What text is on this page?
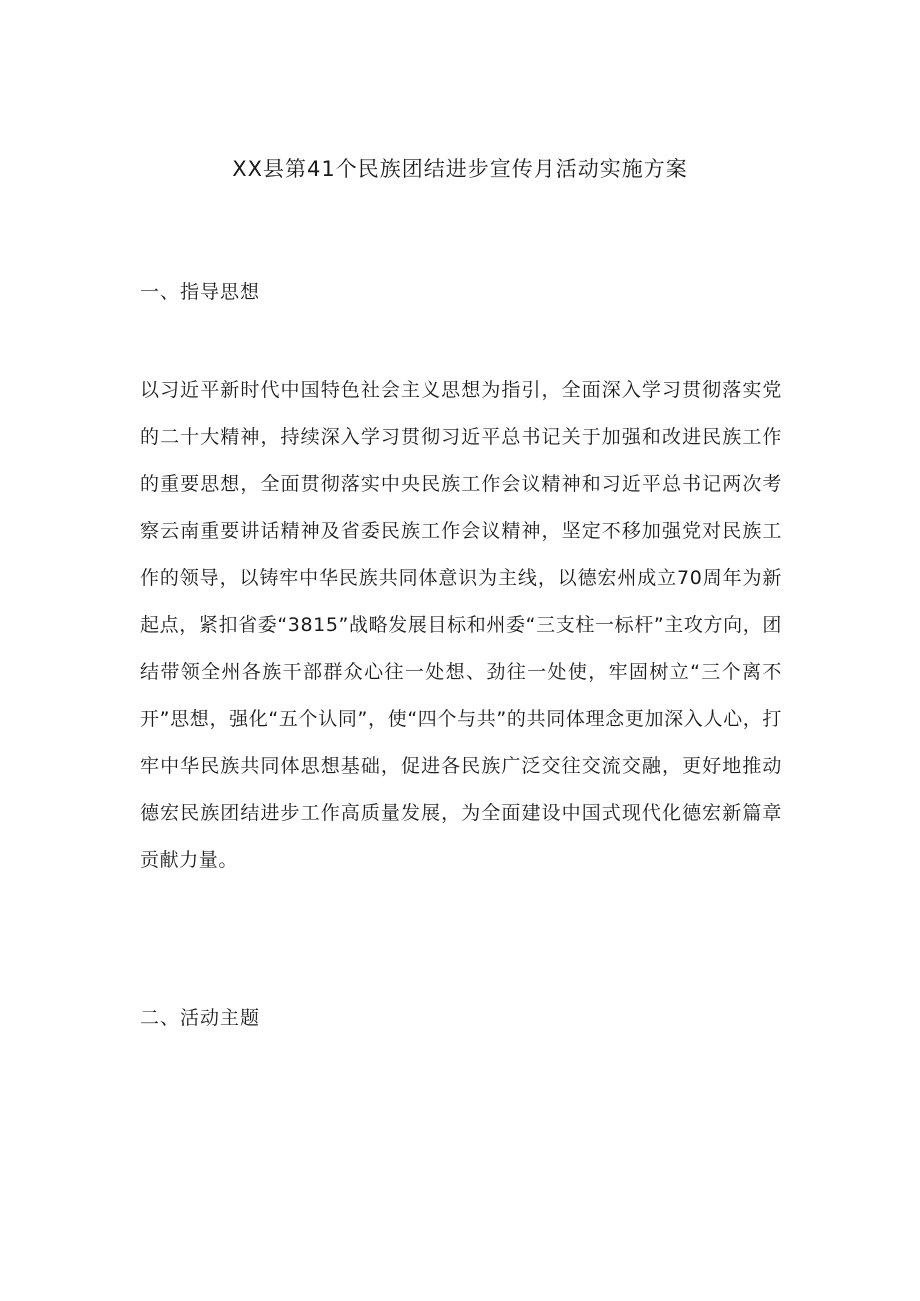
XX县第41个民族团结进步宣传月活动实施方案
一、指导思想

以习近平新时代中国特色社会主义思想为指引，全面深入学习贯彻落实党的二十大精神，持续深入学习贯彻习近平总书记关于加强和改进民族工作的重要思想，全面贯彻落实中央民族工作会议精神和习近平总书记两次考察云南重要讲话精神及省委民族工作会议精神，坚定不移加强党对民族工作的领导，以铸牢中华民族共同体意识为主线，以德宏州成立70周年为新起点，紧扣省委“3815”战略发展目标和州委“三支柱一标杆”主攻方向，团结带领全州各族干部群众心往一处想、劲往一处使，牢固树立“三个离不开”思想，强化“五个认同”，使“四个与共”的共同体理念更加深入人心，打牢中华民族共同体思想基础，促进各民族广泛交往交流交融，更好地推动德宏民族团结进步工作高质量发展，为全面建设中国式现代化德宏新篇章贡献力量。

二、活动主题
